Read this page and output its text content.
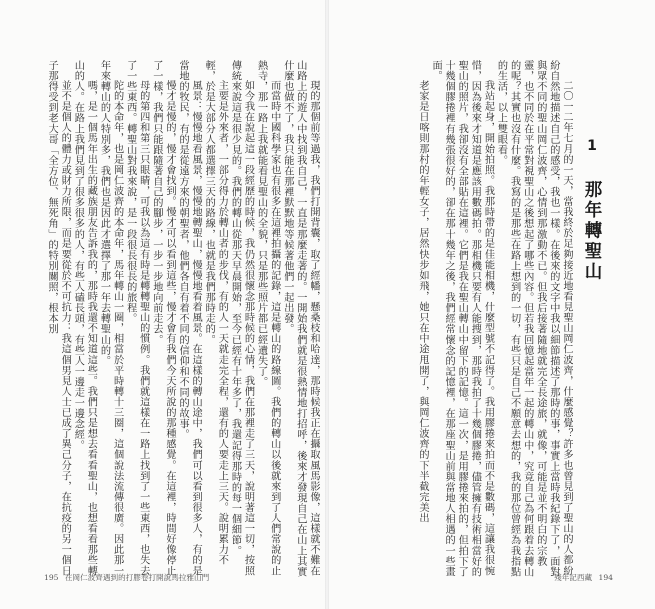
1 那年轉聖山

二〇一二年七月的一天，當我終於足夠接近地看見聖山岡仁波齊，什麼感覺？許多也曾見到了聖山的人都紛紛自然地描述自己的感受，我也一樣。在後來的文字中我以細節描述了那時的事，事實上當時我紀錄下了，面對與眾不同的聖山岡仁波齊，心情到那激動不已。但我后接著隨地就完全長途旅，就像，可能是並不明白的宗教靈，也不同於在平常對視聖山之後想起了哪些內容。但若我回憶起當年一起的轉山中，究竟自己為何跟着去轉山的呢？其實也沒有什麼。我寫的是那些在路上想到的一切，有些只是自己不願意去想的，我的那位曾經為我指點的生活，以上雙眼看。

我站起身，開始拍照。我那時帶的是佳能相機，什麼型號不記得了。我用膠捲來拍而不是數碼，這讓我很惋惜，因為後來才知道是應該用數碼拍。那相機只要有人能搜到，那時我拍了十幾個膠捲，儘管擁有技術相當好的聖山的照片，我卻沒有全部貼在這裡。它們是我在聖山轉山中留下的記憶。這一次，是用膠捲來拍的，但拍下了十幾個膠捲裡有幾張很好的，卻在那十幾年之後，我們經常懷念的記憶裡，在那座聖山前與當地人相遇的一些畫面。

老家是日喀則那村的年輕女子，居然快步如飛，她只在中途甩開了，與岡仁波齊的下半截完美出

現的那個前等過我，我們打開背囊，取了經幡，懸桑枝和哈達，那時候我正在攝取風馬影像，這樣就不難在山路上的遊人中找到我自己，一直是那麼走著的。一開始我們就是很熱情地打招呼，後來才發現自己在山上其實什麼也做不了，我只能在那裡默默地等候著他們一起出發。

而當時中國科學家也有很多在這裡拍攝的記錄，這是轉山的路線圖。我們的轉山以後就來到了人們常說的止熱寺，那一路上我就能看見聖山的全貌，只是那些照片都已經遺失了。

如今我在說起這一段經歷的時候，我仍然很懷念那時候的心情，我們在那裡走了三天，說明著這一切，按照傳統來說這是很少見的。我們的轉山從那天早晨開始，至今已經有十年多了，我還記得那時的每一個細節。

主要是外來者，一部分得力於轉山者的步伐，有的人一天就走完全程，還有的人要走上三天。說明累力不輕，於是大部分人都選擇三天的路線，也就是我們那時走的。

風景：慢慢地看風景，慢慢地轉聖山，慢慢地看着風景。在這樣的轉山途中，我們可以看到很多人，有的是當地的牧民，有的是從遠方來的朝聖者，他們各自有着不同的信仰和不同的故事。

慢才是慢的，慢才會找到。慢才可以看到這些，慢才會有我們今天所說的那種感覺。在這裡，時間好像停止了一樣，我們只能跟隨著自己的腳步，一步一步地向前走去。

母的第四和第三只眼睛，可我以為這有時是轉轉聖山的慣例。我們就這樣在一路上找到了一些東西，也失去了一些東西。轉聖山對我來說，是一段很長很長的旅程。

陀的本命年，也是岡仁波齊的本命年，馬年轉山一圈，相當於平時轉十三圈，這個說法流傳很廣。因此那一年來轉山的人特別多，我們也是因此才選擇了那一年去轉聖山的。

嗎，是一個馬年出生的藏族朋友告訴我的，那時我還不知道這些。我們只是想去看看聖山，也想看看那些轉山的人。在路上我們見到了很多很多的人，有些人磕長頭，有些人一邊走一邊念經。

並不是個人的體力或財力所限，而是要從於不可抗力：我這個男見人士已成了異己分子，在抗疫的另一個日子那得受到老大哥「全方位、無死角」的特別關照，根本別

195 在岡仁波齊遇到的打膠卷打開說馬拉雅山門	殘年記西藏 194
